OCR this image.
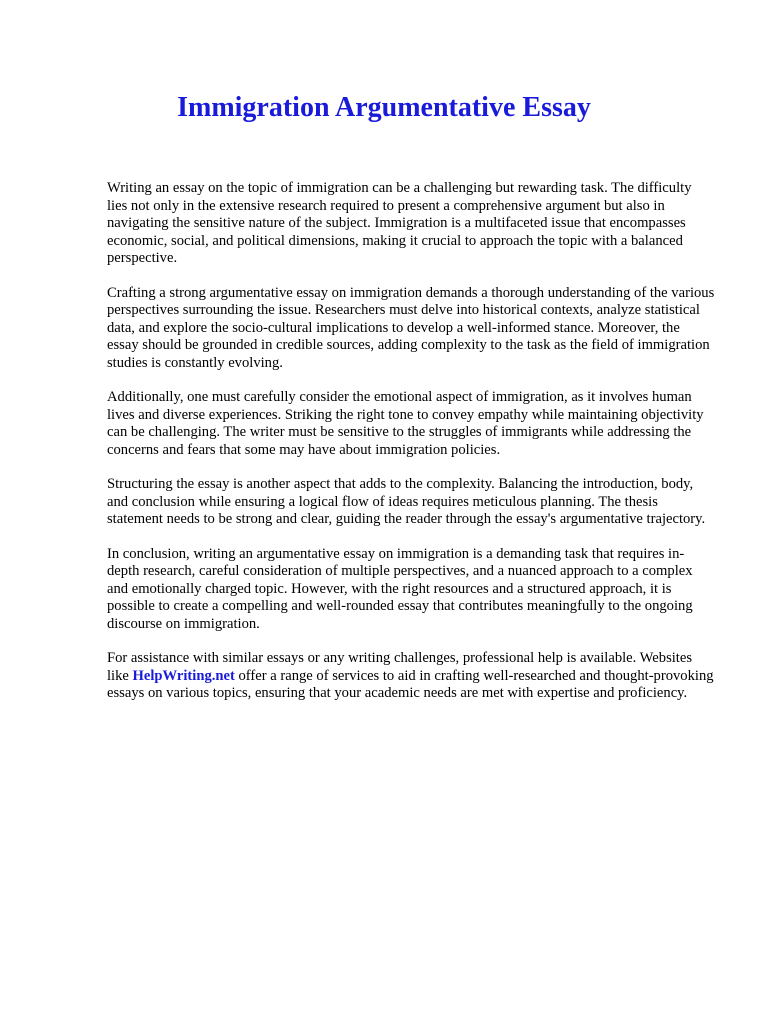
Immigration Argumentative Essay

Writing an essay on the topic of immigration can be a challenging but rewarding task. The difficulty lies not only in the extensive research required to present a comprehensive argument but also in navigating the sensitive nature of the subject. Immigration is a multifaceted issue that encompasses economic, social, and political dimensions, making it crucial to approach the topic with a balanced perspective.

Crafting a strong argumentative essay on immigration demands a thorough understanding of the various perspectives surrounding the issue. Researchers must delve into historical contexts, analyze statistical data, and explore the socio-cultural implications to develop a well-informed stance. Moreover, the essay should be grounded in credible sources, adding complexity to the task as the field of immigration studies is constantly evolving.

Additionally, one must carefully consider the emotional aspect of immigration, as it involves human lives and diverse experiences. Striking the right tone to convey empathy while maintaining objectivity can be challenging. The writer must be sensitive to the struggles of immigrants while addressing the concerns and fears that some may have about immigration policies.

Structuring the essay is another aspect that adds to the complexity. Balancing the introduction, body, and conclusion while ensuring a logical flow of ideas requires meticulous planning. The thesis statement needs to be strong and clear, guiding the reader through the essay's argumentative trajectory.

In conclusion, writing an argumentative essay on immigration is a demanding task that requires in-depth research, careful consideration of multiple perspectives, and a nuanced approach to a complex and emotionally charged topic. However, with the right resources and a structured approach, it is possible to create a compelling and well-rounded essay that contributes meaningfully to the ongoing discourse on immigration.

For assistance with similar essays or any writing challenges, professional help is available. Websites like HelpWriting.net offer a range of services to aid in crafting well-researched and thought-provoking essays on various topics, ensuring that your academic needs are met with expertise and proficiency.
